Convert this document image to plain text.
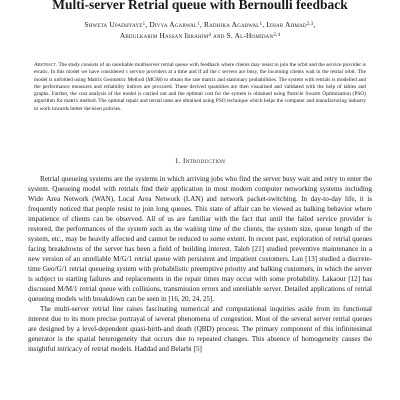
Multi-server Retrial queue with Bernoulli feedback
Shweta Upadhyaye$^1$, Divya Agarwal$^1$, Radhika Agarwal$^1$, Izhar Ahmad$^{2,3}$,
Abdulkarim Hassan Ibrahim$^4$ and S. Al-Homidan$^{2,4}$
Abstract. The study consists of an unreliable multiserver retrial queue with feedback where clients may resist to join the orbit and the service provider is erratic. In this model we have considered c service providers at a time and if all the c servers are busy, the incoming clients wait in the retrial orbit. The model is unfolded using Matrix Geometric Method (MGM) to obtain the rate matrix and stationary probabilities. The system with retrials is modelled and the performance measures and reliability indices are procured. These derived quantities are then visualised and validated with the help of tables and graphs. Further, the cost analysis of the model is carried out and the optimal cost for the system is obtained using Particle Swarm Optimization (PSO) algorithm for matrix method. The optimal repair and retrial rates are obtained using PSO technique which helps the computer and manufacturing industry to work towards better decision policies.
1. Introduction

Retrial queueing systems are the systems in which arriving jobs who find the server busy wait and retry to enter the system. Queueing model with retrials find their application in most modern computer networking systems including Wide Area Network (WAN), Local Area Network (LAN) and network packet-switching. In day-to-day life, it is frequently noticed that people resist to join long queues. This state of affair can be viewed as balking behavior where impatience of clients can be observed. All of us are familiar with the fact that until the failed service provider is restored, the performances of the system such as the waiting time of the clients, the system size, queue length of the system, etc., may be heavily affected and cannot be reduced to some extent. In recent past, exploration of retrial queues facing breakdowns of the server has been a field of building interest. Taleb [21] studied preventive maintenance in a new version of an unreliable M/G/1 retrial queue with persistent and impatient customers. Lan [13] studied a discrete-time Geo/G/1 retrial queueing system with probabilistic preemptive priority and balking customers, in which the server is subject to starting failures and replacements in the repair times may occur with some probability. Lakaour [12] has discussed M/M/1 retrial queue with collisions, transmission errors and unreliable server. Detailed applications of retrial queueing models with breakdown can be seen in [16, 20, 24, 25].

The multi-server retrial line raises fascinating numerical and computational inquiries aside from its functional interest due to its more precise portrayal of several phenomena of congestion. Most of the several server retrial queues are designed by a level-dependent quasi-birth-and death (QBD) process. The primary component of this infinitesimal generator is the spatial heterogeneity that occurs due to repeated changes. This absence of homogeneity causes the insightful intricacy of retrial models. Haddad and Belarbi [5]
